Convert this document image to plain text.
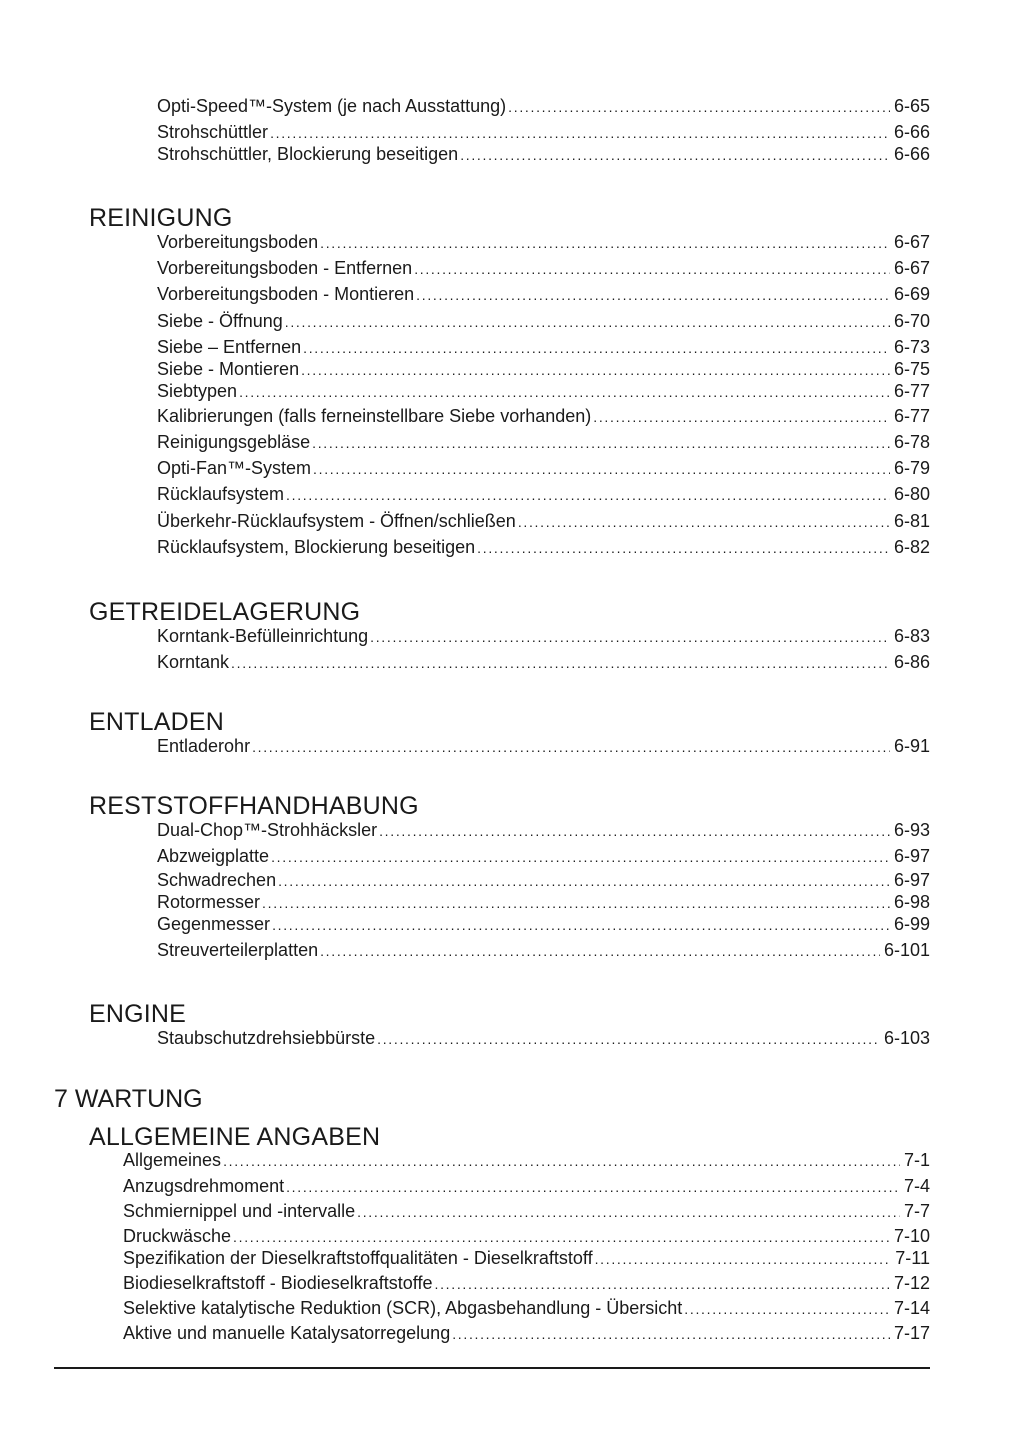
Opti-Speed™-System (je nach Ausstattung) . . .	6-65
Strohschüttler . . .	6-66
Strohschüttler, Blockierung beseitigen . . .	6-66
REINIGUNG
Vorbereitungsboden . . .	6-67
Vorbereitungsboden - Entfernen . . .	6-67
Vorbereitungsboden - Montieren . . .	6-69
Siebe - Öffnung . . .	6-70
Siebe – Entfernen . . .	6-73
Siebe - Montieren . . .	6-75
Siebtypen . . .	6-77
Kalibrierungen (falls ferneinstellbare Siebe vorhanden) . . .	6-77
Reinigungsgebläse . . .	6-78
Opti-Fan™-System . . .	6-79
Rücklaufsystem . . .	6-80
Überkehr-Rücklaufsystem - Öffnen/schließen . . .	6-81
Rücklaufsystem, Blockierung beseitigen . . .	6-82
GETREIDELAGERUNG
Korntank-Befülleinrichtung . . .	6-83
Korntank . . .	6-86
ENTLADEN
Entladerohr . . .	6-91
RESTSTOFFHANDHABUNG
Dual-Chop™-Strohhäcksler . . .	6-93
Abzweigplatte . . .	6-97
Schwadrechen . . .	6-97
Rotormesser . . .	6-98
Gegenmesser . . .	6-99
Streuverteilerplatten . . .	6-101
ENGINE
Staubschutzdrehsiebbürste . . .	6-103
7 WARTUNG
ALLGEMEINE ANGABEN
Allgemeines . . .	7-1
Anzugsdrehmoment . . .	7-4
Schmiernippel und -intervalle . . .	7-7
Druckwäsche . . .	7-10
Spezifikation der Dieselkraftstoffqualitäten - Dieselkraftstoff . . .	7-11
Biodieselkraftstoff - Biodieselkraftstoffe . . .	7-12
Selektive katalytische Reduktion (SCR), Abgasbehandlung - Übersicht . . .	7-14
Aktive und manuelle Katalysatorregelung . . .	7-17
